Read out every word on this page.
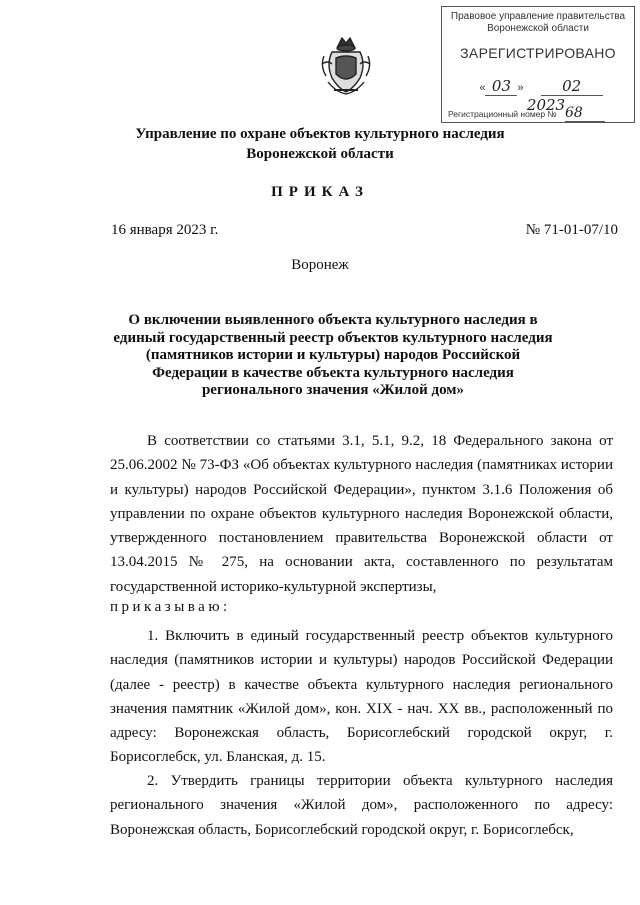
Правовое управление правительства
Воронежской области
ЗАРЕГИСТРИРОВАНО
« 03 » 02 2023
Регистрационный номер № 68
Управление по охране объектов культурного наследия
Воронежской области
ПРИКАЗ
16 января 2023 г.	№ 71-01-07/10
Воронеж
О включении выявленного объекта культурного наследия в единый государственный реестр объектов культурного наследия (памятников истории и культуры) народов Российской Федерации в качестве объекта культурного наследия регионального значения «Жилой дом»
В соответствии со статьями 3.1, 5.1, 9.2, 18 Федерального закона от 25.06.2002 № 73-ФЗ «Об объектах культурного наследия (памятниках истории и культуры) народов Российской Федерации», пунктом 3.1.6 Положения об управлении по охране объектов культурного наследия Воронежской области, утвержденного постановлением правительства Воронежской области от 13.04.2015 № 275, на основании акта, составленного по результатам государственной историко-культурной экспертизы,
приказываю:
1. Включить в единый государственный реестр объектов культурного наследия (памятников истории и культуры) народов Российской Федерации (далее - реестр) в качестве объекта культурного наследия регионального значения памятник «Жилой дом», кон. XIX - нач. XX вв., расположенный по адресу: Воронежская область, Борисоглебский городской округ, г. Борисоглебск, ул. Бланская, д. 15.
2. Утвердить границы территории объекта культурного наследия регионального значения «Жилой дом», расположенного по адресу: Воронежская область, Борисоглебский городской округ, г. Борисоглебск,
